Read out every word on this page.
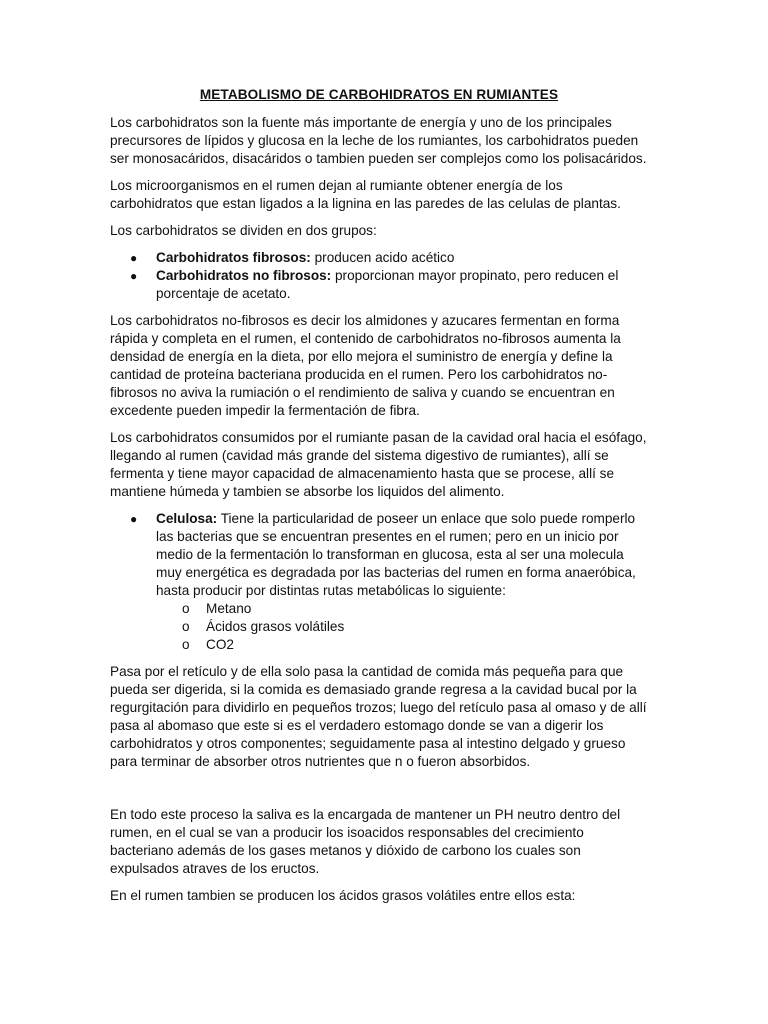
METABOLISMO DE CARBOHIDRATOS EN RUMIANTES

Los carbohidratos son la fuente más importante de energía y uno de los principales precursores de lípidos y glucosa en la leche de los rumiantes, los carbohidratos pueden ser monosacáridos, disacáridos o tambien pueden ser complejos como los polisacáridos.

Los microorganismos en el rumen dejan al rumiante obtener energía de los carbohidratos que estan ligados a la lignina en las paredes de las celulas de plantas.

Los carbohidratos se dividen en dos grupos:

● Carbohidratos fibrosos: producen acido acético
● Carbohidratos no fibrosos: proporcionan mayor propinato, pero reducen el porcentaje de acetato.

Los carbohidratos no-fibrosos es decir los almidones y azucares fermentan en forma rápida y completa en el rumen, el contenido de carbohidratos no-fibrosos aumenta la densidad de energía en la dieta, por ello mejora el suministro de energía y define la cantidad de proteína bacteriana producida en el rumen. Pero los carbohidratos no-fibrosos no aviva la rumiación o el rendimiento de saliva y cuando se encuentran en excedente pueden impedir la fermentación de fibra.

Los carbohidratos consumidos por el rumiante pasan de la cavidad oral hacia el esófago, llegando al rumen (cavidad más grande del sistema digestivo de rumiantes), allí se fermenta y tiene mayor capacidad de almacenamiento hasta que se procese, allí se mantiene húmeda y tambien se absorbe los liquidos del alimento.

● Celulosa: Tiene la particularidad de poseer un enlace que solo puede romperlo las bacterias que se encuentran presentes en el rumen; pero en un inicio por medio de la fermentación lo transforman en glucosa, esta al ser una molecula muy energética es degradada por las bacterias del rumen en forma anaeróbica, hasta producir por distintas rutas metabólicas lo siguiente:
o Metano
o Ácidos grasos volátiles
o CO2

Pasa por el retículo y de ella solo pasa la cantidad de comida más pequeña para que pueda ser digerida, si la comida es demasiado grande regresa a la cavidad bucal por la regurgitación para dividirlo en pequeños trozos; luego del retículo pasa al omaso y de allí pasa al abomaso que este si es el verdadero estomago donde se van a digerir los carbohidratos y otros componentes; seguidamente pasa al intestino delgado y grueso para terminar de absorber otros nutrientes que n o fueron absorbidos.

En todo este proceso la saliva es la encargada de mantener un PH neutro dentro del rumen, en el cual se van a producir los isoacidos responsables del crecimiento bacteriano además de los gases metanos y dióxido de carbono los cuales son expulsados atraves de los eructos.

En el rumen tambien se producen los ácidos grasos volátiles entre ellos esta:
